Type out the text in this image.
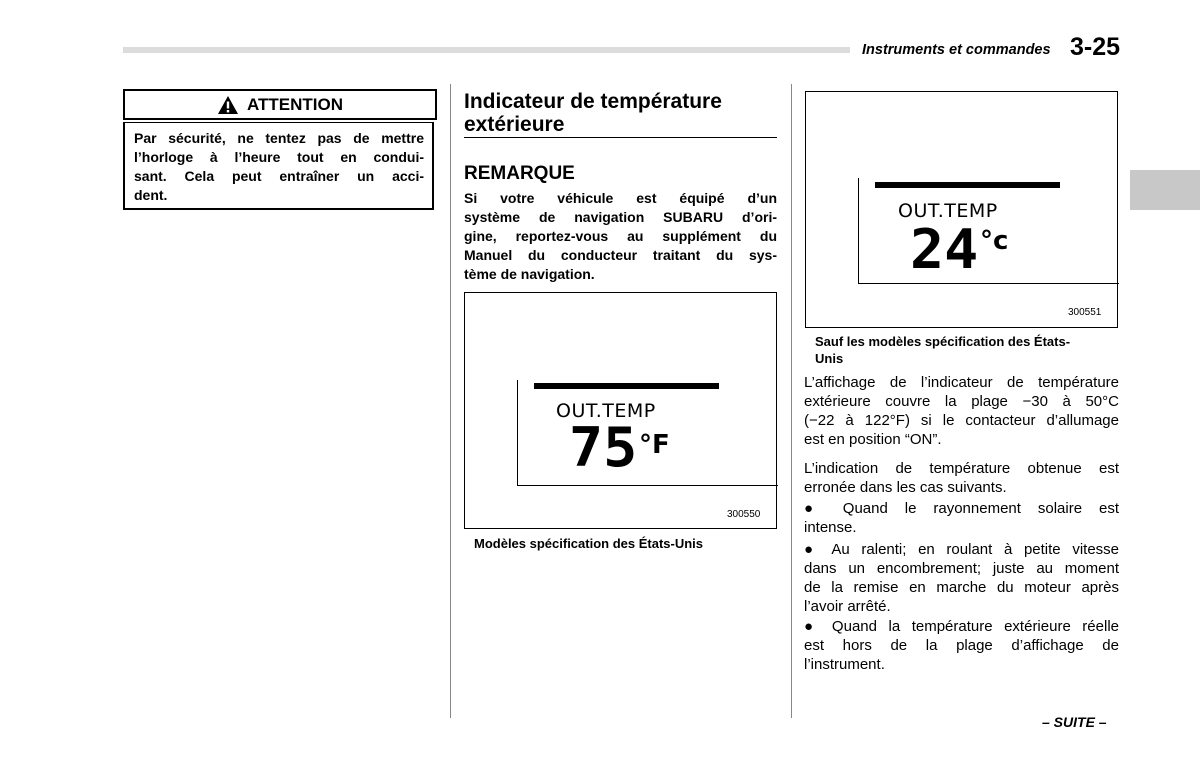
Instruments et commandes 3-25
ATTENTION
Par sécurité, ne tentez pas de mettre
l’horloge à l’heure tout en condui-
sant. Cela peut entraîner un acci-
dent.
Indicateur de température
extérieure
REMARQUE
Si votre véhicule est équipé d’un
système de navigation SUBARU d’ori-
gine, reportez-vous au supplément du
Manuel du conducteur traitant du sys-
tème de navigation.
OUT.TEMP
75 °F
300550
Modèles spécification des États-Unis
OUT.TEMP
24 °c
300551
Sauf les modèles spécification des États-
Unis
L’affichage de l’indicateur de température
extérieure couvre la plage −30 à 50°C
(−22 à 122°F) si le contacteur d’allumage
est en position “ON”.
L’indication de température obtenue est
erronée dans les cas suivants.
● Quand le rayonnement solaire est
intense.
● Au ralenti; en roulant à petite vitesse
dans un encombrement; juste au moment
de la remise en marche du moteur après
l’avoir arrêté.
● Quand la température extérieure réelle
est hors de la plage d’affichage de
l’instrument.
– SUITE –
